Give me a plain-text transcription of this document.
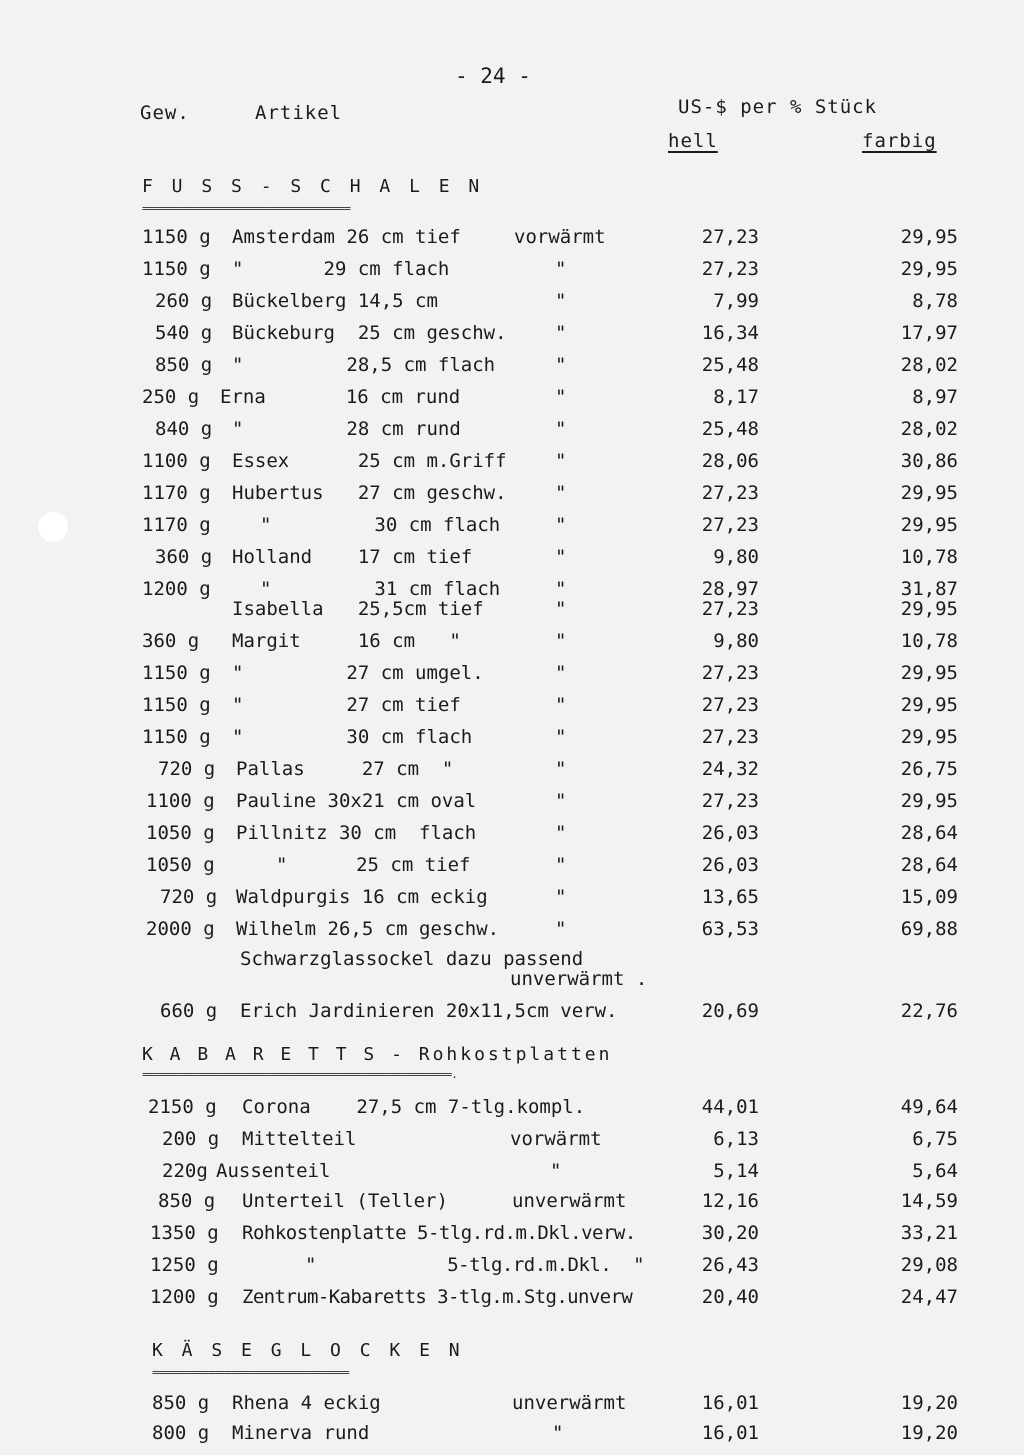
- 24 -
Gew.	Artikel	US-$ per % Stück
hell	farbig
F U S S - S C H A L E N
=====================================
1150 g	Amsterdam 26 cm tief	vorwärmt	27,23	29,95
1150 g	"       29 cm flach	"	27,23	29,95
260 g	Bückelberg 14,5 cm	"	7,99	8,78
540 g	Bückeburg  25 cm geschw.	"	16,34	17,97
850 g	"         28,5 cm flach	"	25,48	28,02
250 g	Erna       16 cm rund	"	8,17	8,97
840 g	"         28 cm rund	"	25,48	28,02
1100 g	Essex      25 cm m.Griff	"	28,06	30,86
1170 g	Hubertus   27 cm geschw.	"	27,23	29,95
1170 g	"         30 cm flach	"	27,23	29,95
360 g	Holland    17 cm tief	"	9,80	10,78
1200 g	"         31 cm flach	"	28,97	31,87
Isabella   25,5cm tief	"	27,23	29,95
360 g	Margit     16 cm   "	"	9,80	10,78
1150 g	"         27 cm umgel.	"	27,23	29,95
1150 g	"         27 cm tief	"	27,23	29,95
1150 g	"         30 cm flach	"	27,23	29,95
720 g	Pallas     27 cm  "	"	24,32	26,75
1100 g	Pauline 30x21 cm oval	"	27,23	29,95
1050 g	Pillnitz 30 cm  flach	"	26,03	28,64
1050 g	"      25 cm tief	"	26,03	28,64
720 g Waldpurgis 16 cm eckig	"	13,65	15,09
2000 g	Wilhelm 26,5 cm geschw.	"	63,53	69,88
Schwarzglassockel dazu passend
unverwärmt .
660 g	Erich Jardinieren 20x11,5cm verw.	20,69	22,76
K A B A R E T T S - Rohkostplatten
=======================================================.
2150 g	Corona    27,5 cm 7-tlg.kompl.	44,01	49,64
200 g	Mittelteil	vorwärmt	6,13	6,75
220g Aussenteil	"	5,14	5,64
850 g	Unterteil (Teller)	unverwärmt	12,16	14,59
1350 g	Rohkostenplatte 5-tlg.rd.m.Dkl.verw.	30,20	33,21
1250 g	"            5-tlg.rd.m.Dkl.  "	26,43	29,08
1200 g	Zentrum-Kabaretts 3-tlg.m.Stg.unverw	20,40	24,47
K Ä S E G L O C K E N
===================================
850 g	Rhena 4 eckig	unverwärmt	16,01	19,20
800 g	Minerva rund	"	16,01	19,20
